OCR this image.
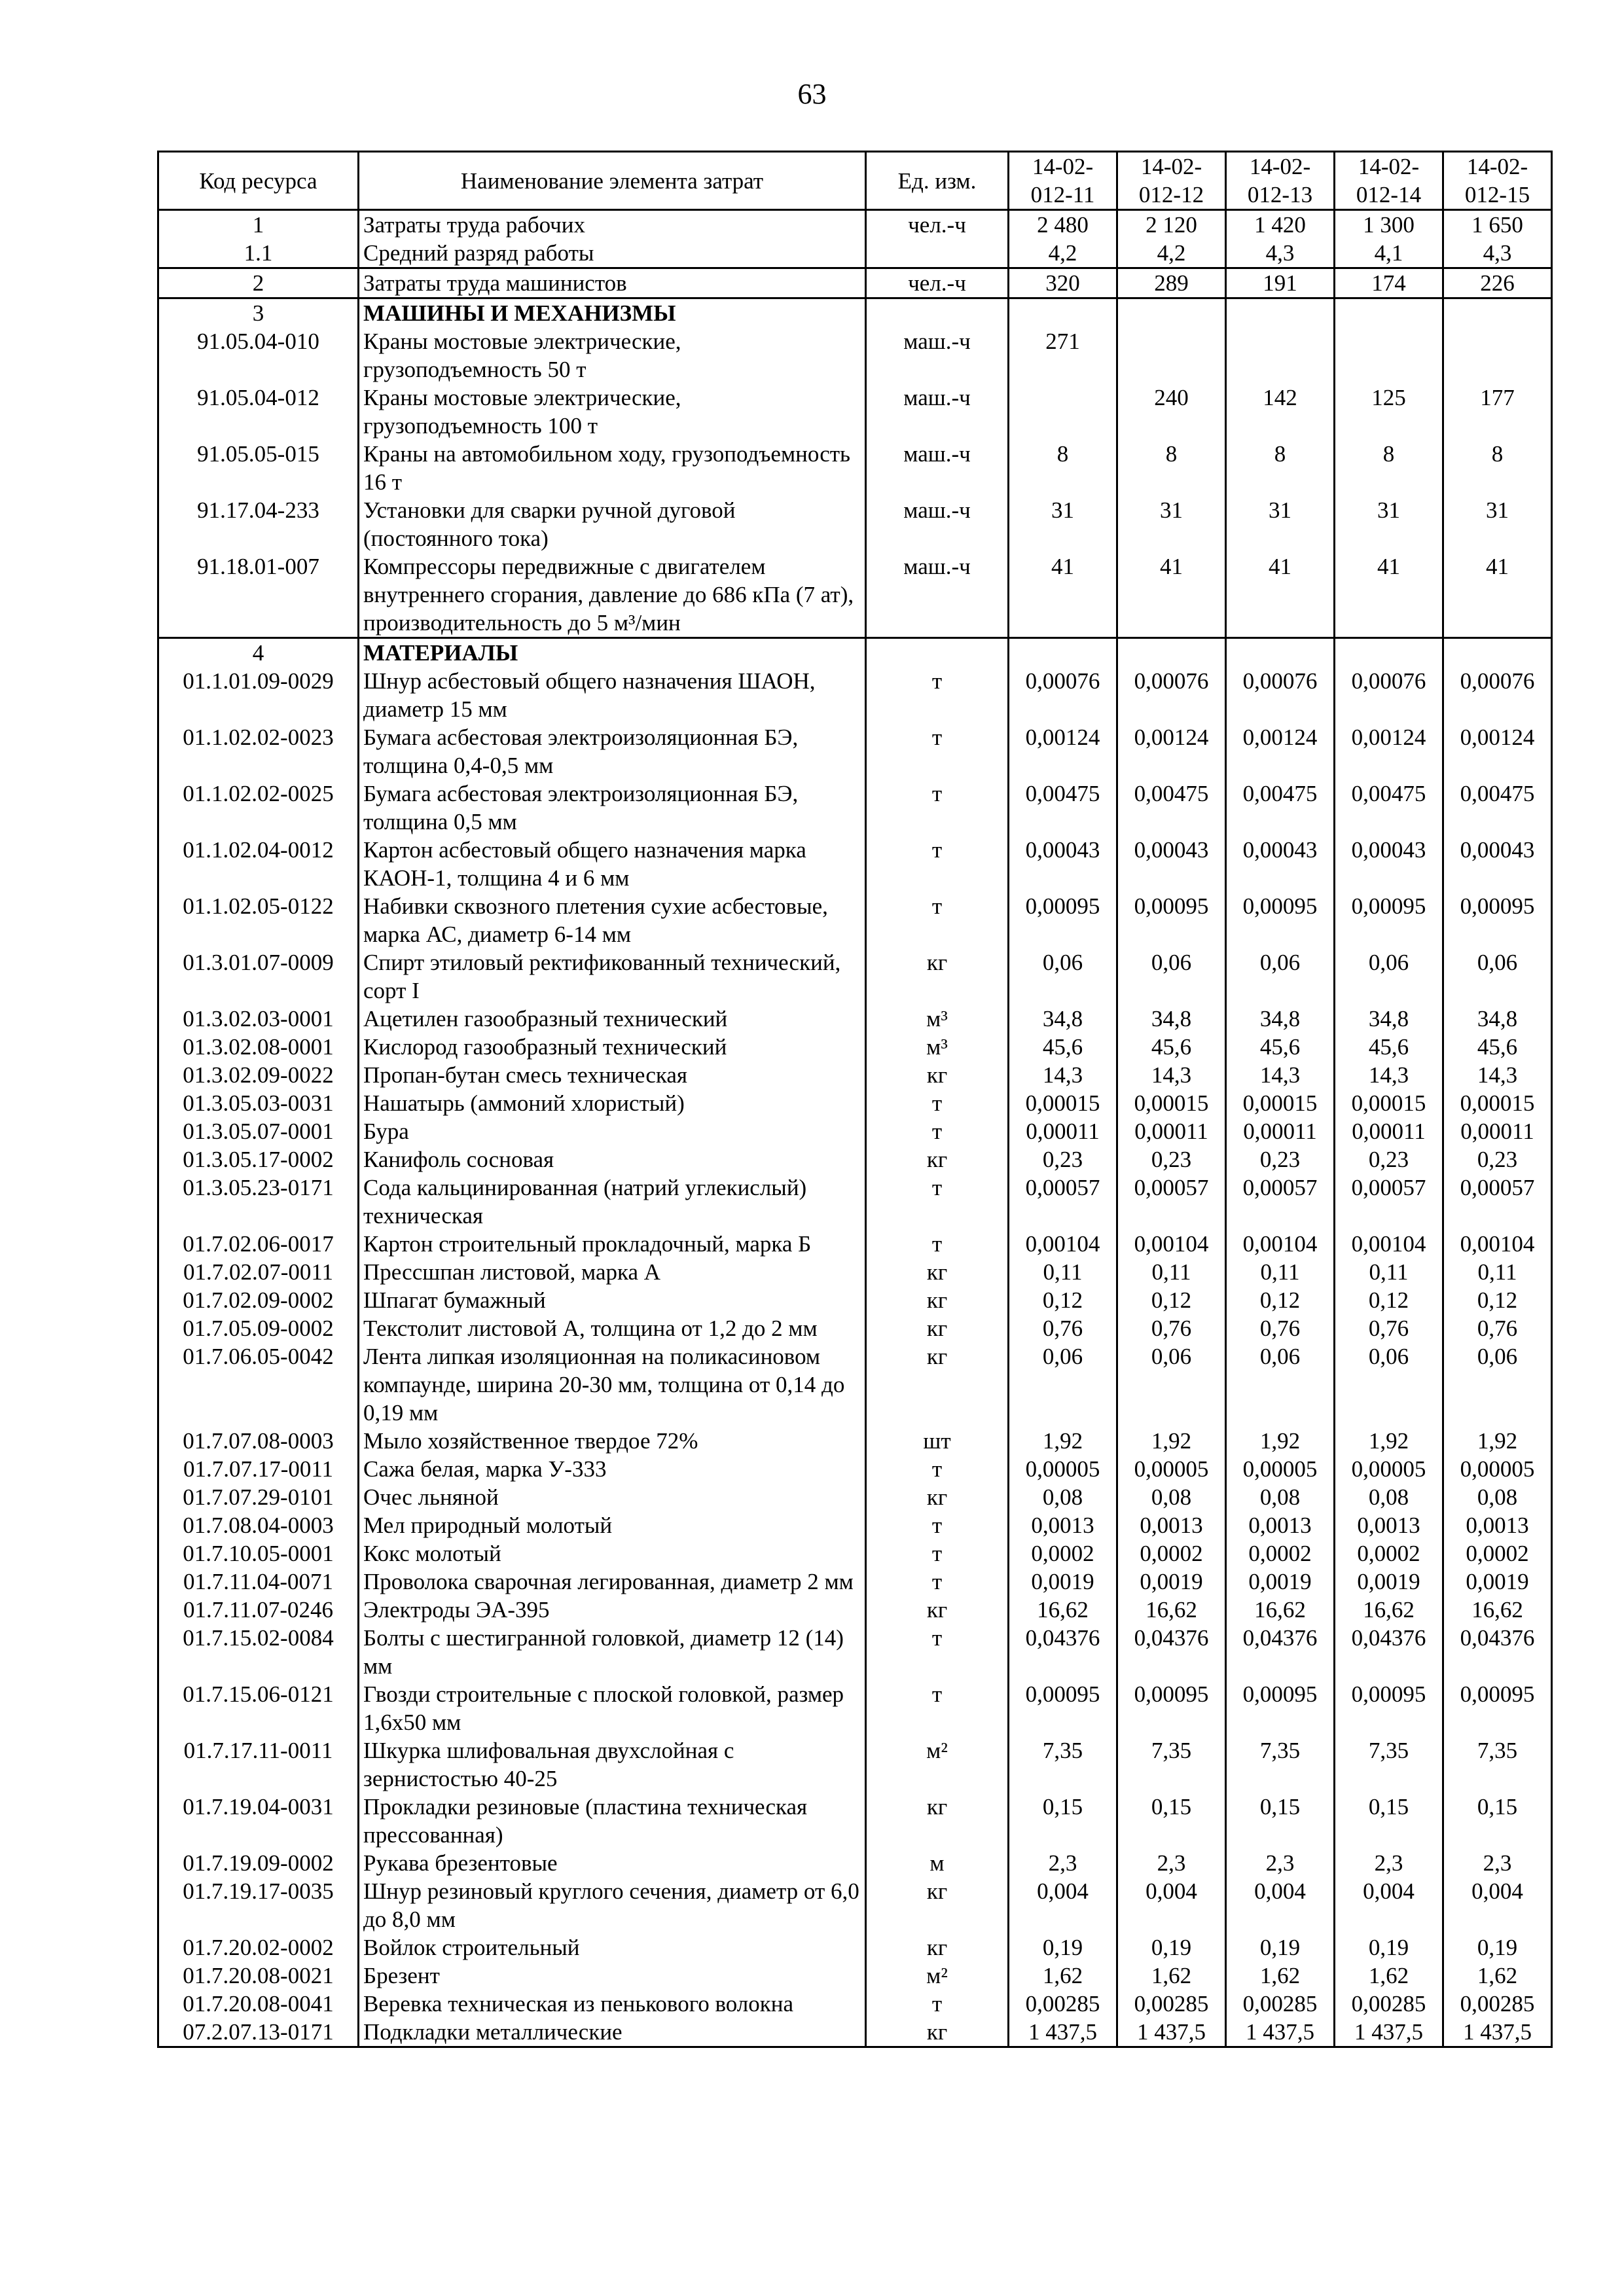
63
Код ресурса	Наименование элемента затрат	Ед. изм.	14-02-012-11	14-02-012-12	14-02-012-13	14-02-012-14	14-02-012-15
1	Затраты труда рабочих	чел.-ч	2 480	2 120	1 420	1 300	1 650
1.1	Средний разряд работы		4,2	4,2	4,3	4,1	4,3
2	Затраты труда машинистов	чел.-ч	320	289	191	174	226
3	МАШИНЫ И МЕХАНИЗМЫ						
91.05.04-010	Краны мостовые электрические, грузоподъемность 50 т	маш.-ч	271				
91.05.04-012	Краны мостовые электрические, грузоподъемность 100 т	маш.-ч		240	142	125	177
91.05.05-015	Краны на автомобильном ходу, грузоподъемность 16 т	маш.-ч	8	8	8	8	8
91.17.04-233	Установки для сварки ручной дуговой (постоянного тока)	маш.-ч	31	31	31	31	31
91.18.01-007	Компрессоры передвижные с двигателем внутреннего сгорания, давление до 686 кПа (7 ат), производительность до 5 м³/мин	маш.-ч	41	41	41	41	41
4	МАТЕРИАЛЫ						
01.1.01.09-0029	Шнур асбестовый общего назначения ШАОН, диаметр 15 мм	т	0,00076	0,00076	0,00076	0,00076	0,00076
01.1.02.02-0023	Бумага асбестовая электроизоляционная БЭ, толщина 0,4-0,5 мм	т	0,00124	0,00124	0,00124	0,00124	0,00124
01.1.02.02-0025	Бумага асбестовая электроизоляционная БЭ, толщина 0,5 мм	т	0,00475	0,00475	0,00475	0,00475	0,00475
01.1.02.04-0012	Картон асбестовый общего назначения марка КАОН-1, толщина 4 и 6 мм	т	0,00043	0,00043	0,00043	0,00043	0,00043
01.1.02.05-0122	Набивки сквозного плетения сухие асбестовые, марка АС, диаметр 6-14 мм	т	0,00095	0,00095	0,00095	0,00095	0,00095
01.3.01.07-0009	Спирт этиловый ректификованный технический, сорт I	кг	0,06	0,06	0,06	0,06	0,06
01.3.02.03-0001	Ацетилен газообразный технический	м³	34,8	34,8	34,8	34,8	34,8
01.3.02.08-0001	Кислород газообразный технический	м³	45,6	45,6	45,6	45,6	45,6
01.3.02.09-0022	Пропан-бутан смесь техническая	кг	14,3	14,3	14,3	14,3	14,3
01.3.05.03-0031	Нашатырь (аммоний хлористый)	т	0,00015	0,00015	0,00015	0,00015	0,00015
01.3.05.07-0001	Бура	т	0,00011	0,00011	0,00011	0,00011	0,00011
01.3.05.17-0002	Канифоль сосновая	кг	0,23	0,23	0,23	0,23	0,23
01.3.05.23-0171	Сода кальцинированная (натрий углекислый) техническая	т	0,00057	0,00057	0,00057	0,00057	0,00057
01.7.02.06-0017	Картон строительный прокладочный, марка Б	т	0,00104	0,00104	0,00104	0,00104	0,00104
01.7.02.07-0011	Прессшпан листовой, марка А	кг	0,11	0,11	0,11	0,11	0,11
01.7.02.09-0002	Шпагат бумажный	кг	0,12	0,12	0,12	0,12	0,12
01.7.05.09-0002	Текстолит листовой А, толщина от 1,2 до 2 мм	кг	0,76	0,76	0,76	0,76	0,76
01.7.06.05-0042	Лента липкая изоляционная на поликасиновом компаунде, ширина 20-30 мм, толщина от 0,14 до 0,19 мм	кг	0,06	0,06	0,06	0,06	0,06
01.7.07.08-0003	Мыло хозяйственное твердое 72%	шт	1,92	1,92	1,92	1,92	1,92
01.7.07.17-0011	Сажа белая, марка У-333	т	0,00005	0,00005	0,00005	0,00005	0,00005
01.7.07.29-0101	Очес льняной	кг	0,08	0,08	0,08	0,08	0,08
01.7.08.04-0003	Мел природный молотый	т	0,0013	0,0013	0,0013	0,0013	0,0013
01.7.10.05-0001	Кокс молотый	т	0,0002	0,0002	0,0002	0,0002	0,0002
01.7.11.04-0071	Проволока сварочная легированная, диаметр 2 мм	т	0,0019	0,0019	0,0019	0,0019	0,0019
01.7.11.07-0246	Электроды ЭА-395	кг	16,62	16,62	16,62	16,62	16,62
01.7.15.02-0084	Болты с шестигранной головкой, диаметр 12 (14) мм	т	0,04376	0,04376	0,04376	0,04376	0,04376
01.7.15.06-0121	Гвозди строительные с плоской головкой, размер 1,6х50 мм	т	0,00095	0,00095	0,00095	0,00095	0,00095
01.7.17.11-0011	Шкурка шлифовальная двухслойная с зернистостью 40-25	м²	7,35	7,35	7,35	7,35	7,35
01.7.19.04-0031	Прокладки резиновые (пластина техническая прессованная)	кг	0,15	0,15	0,15	0,15	0,15
01.7.19.09-0002	Рукава брезентовые	м	2,3	2,3	2,3	2,3	2,3
01.7.19.17-0035	Шнур резиновый круглого сечения, диаметр от 6,0 до 8,0 мм	кг	0,004	0,004	0,004	0,004	0,004
01.7.20.02-0002	Войлок строительный	кг	0,19	0,19	0,19	0,19	0,19
01.7.20.08-0021	Брезент	м²	1,62	1,62	1,62	1,62	1,62
01.7.20.08-0041	Веревка техническая из пенькового волокна	т	0,00285	0,00285	0,00285	0,00285	0,00285
07.2.07.13-0171	Подкладки металлические	кг	1 437,5	1 437,5	1 437,5	1 437,5	1 437,5
